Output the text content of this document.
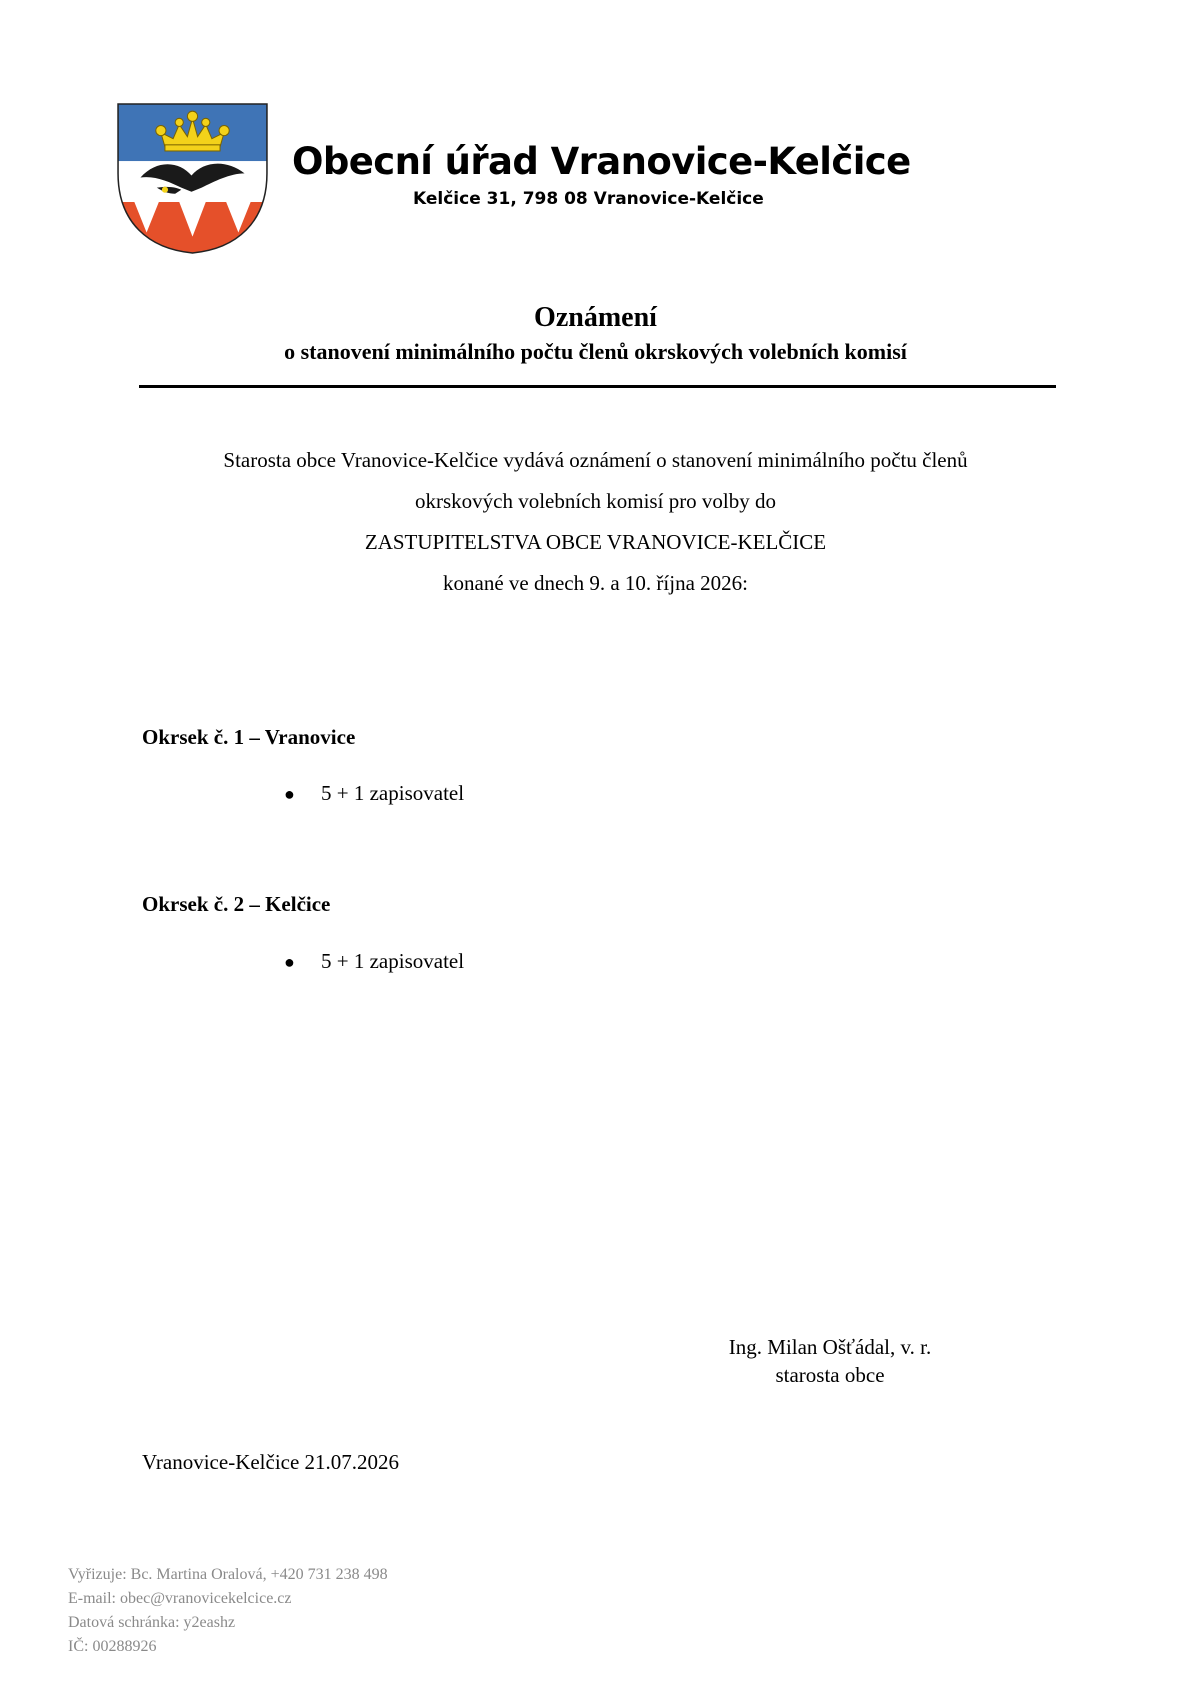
Obecní úřad Vranovice-Kelčice
Kelčice 31, 798 08 Vranovice-Kelčice
Oznámení
o stanovení minimálního počtu členů okrskových volebních komisí
Starosta obce Vranovice-Kelčice vydává oznámení o stanovení minimálního počtu členů
okrskových volebních komisí pro volby do
ZASTUPITELSTVA OBCE VRANOVICE-KELČICE
konané ve dnech 9. a 10. října 2026:
Okrsek č. 1 – Vranovice
● 5 + 1 zapisovatel
Okrsek č. 2 – Kelčice
● 5 + 1 zapisovatel
Ing. Milan Ošťádal, v. r.
starosta obce
Vranovice-Kelčice 21.07.2026
Vyřizuje: Bc. Martina Oralová, +420 731 238 498
E-mail: obec@vranovicekelcice.cz
Datová schránka: y2eashz
IČ: 00288926
